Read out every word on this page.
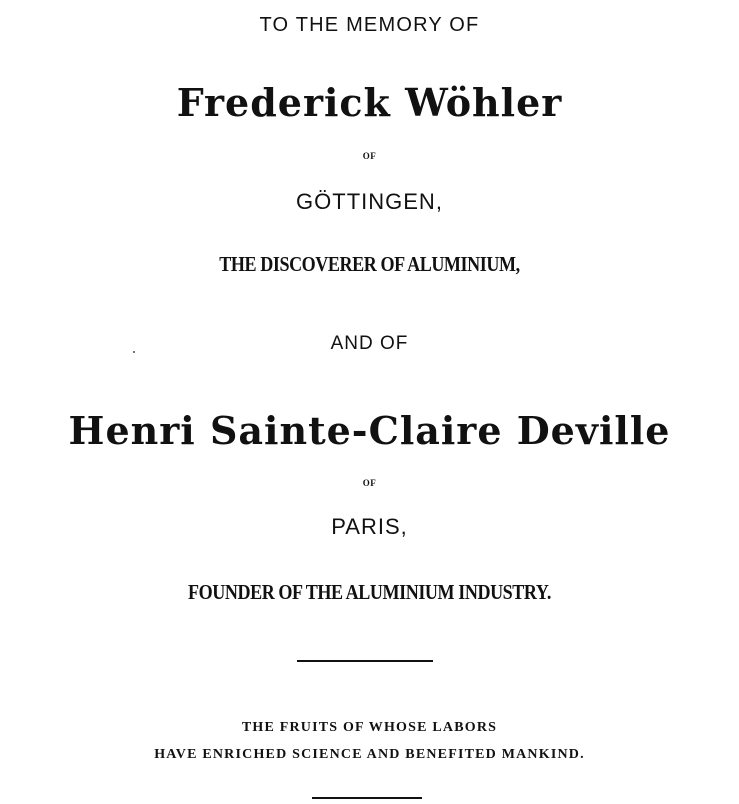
TO THE MEMORY OF
Frederick Wöhler
OF
GÖTTINGEN,
THE DISCOVERER OF ALUMINIUM,
AND OF
Henri Sainte-Claire Deville
OF
PARIS,
FOUNDER OF THE ALUMINIUM INDUSTRY.
THE FRUITS OF WHOSE LABORS
HAVE ENRICHED SCIENCE AND BENEFITED MANKIND.
